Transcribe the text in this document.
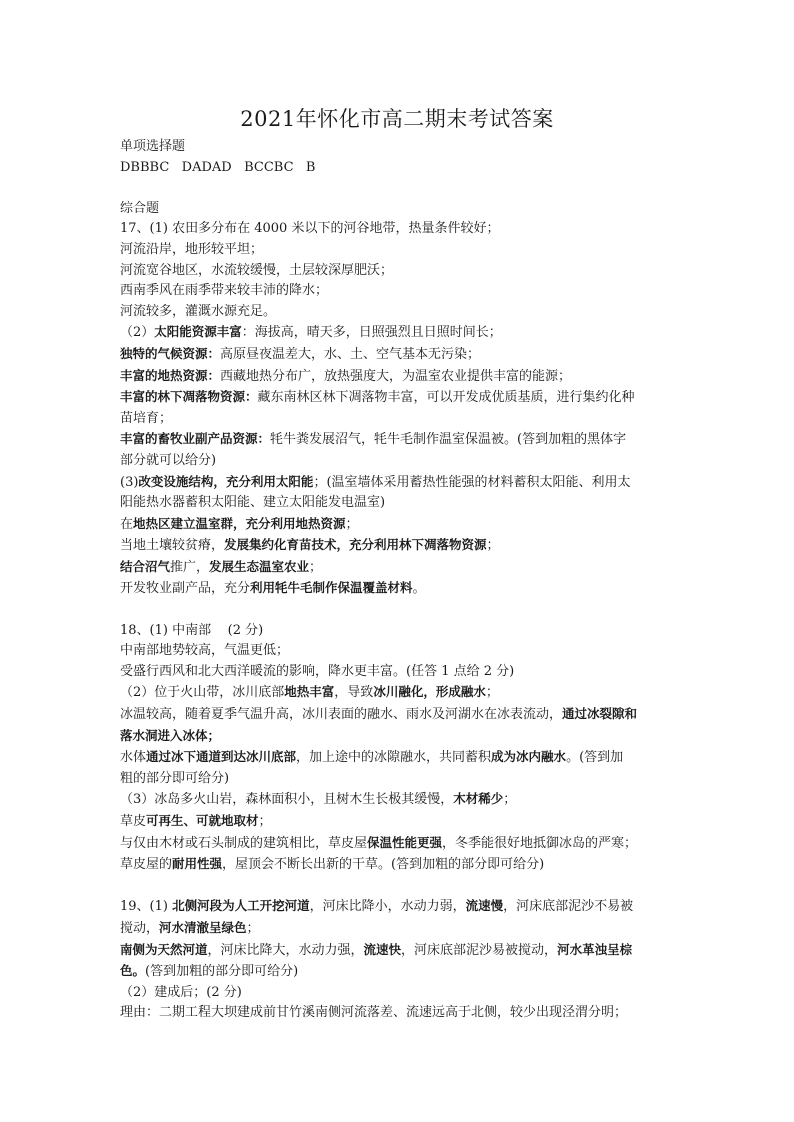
2021年怀化市高二期末考试答案

单项选择题

DBBBC   DADAD   BCCBC   B

综合题

17、(1) 农田多分布在 4000 米以下的河谷地带，热量条件较好；

河流沿岸，地形较平坦；

河流宽谷地区，水流较缓慢，土层较深厚肥沃；

西南季风在雨季带来较丰沛的降水；

河流较多，灌溉水源充足。

（2）太阳能资源丰富：海拔高，晴天多，日照强烈且日照时间长；

独特的气候资源：高原昼夜温差大，水、土、空气基本无污染；

丰富的地热资源：西藏地热分布广，放热强度大，为温室农业提供丰富的能源；

丰富的林下凋落物资源：藏东南林区林下凋落物丰富，可以开发成优质基质，进行集约化种

苗培育；

丰富的畜牧业副产品资源：牦牛粪发展沼气，牦牛毛制作温室保温被。(答到加粗的黑体字

部分就可以给分)

(3)改变设施结构，充分利用太阳能；(温室墙体采用蓄热性能强的材料蓄积太阳能、利用太

阳能热水器蓄积太阳能、建立太阳能发电温室)

在地热区建立温室群，充分利用地热资源；

当地土壤较贫瘠，发展集约化育苗技术，充分利用林下凋落物资源；

结合沼气推广，发展生态温室农业；

开发牧业副产品，充分利用牦牛毛制作保温覆盖材料。

18、(1) 中南部    (2 分)

中南部地势较高，气温更低；

受盛行西风和北大西洋暖流的影响，降水更丰富。(任答 1 点给 2 分)

（2）位于火山带，冰川底部地热丰富，导致冰川融化，形成融水；

冰温较高，随着夏季气温升高，冰川表面的融水、雨水及河湖水在冰表流动，通过冰裂隙和

落水洞进入冰体；

水体通过冰下通道到达冰川底部，加上途中的冰隙融水，共同蓄积成为冰内融水。(答到加

粗的部分即可给分)

（3）冰岛多火山岩，森林面积小，且树木生长极其缓慢，木材稀少；

草皮可再生、可就地取材；

与仅由木材或石头制成的建筑相比，草皮屋保温性能更强，冬季能很好地抵御冰岛的严寒；

草皮屋的耐用性强，屋顶会不断长出新的干草。(答到加粗的部分即可给分)

19、(1) 北侧河段为人工开挖河道，河床比降小，水动力弱，流速慢，河床底部泥沙不易被

搅动，河水清澈呈绿色；

南侧为天然河道，河床比降大，水动力强，流速快，河床底部泥沙易被搅动，河水革浊呈棕

色。(答到加粗的部分即可给分)

（2）建成后；(2 分)

理由：二期工程大坝建成前甘竹溪南侧河流落差、流速远高于北侧，较少出现泾渭分明；
